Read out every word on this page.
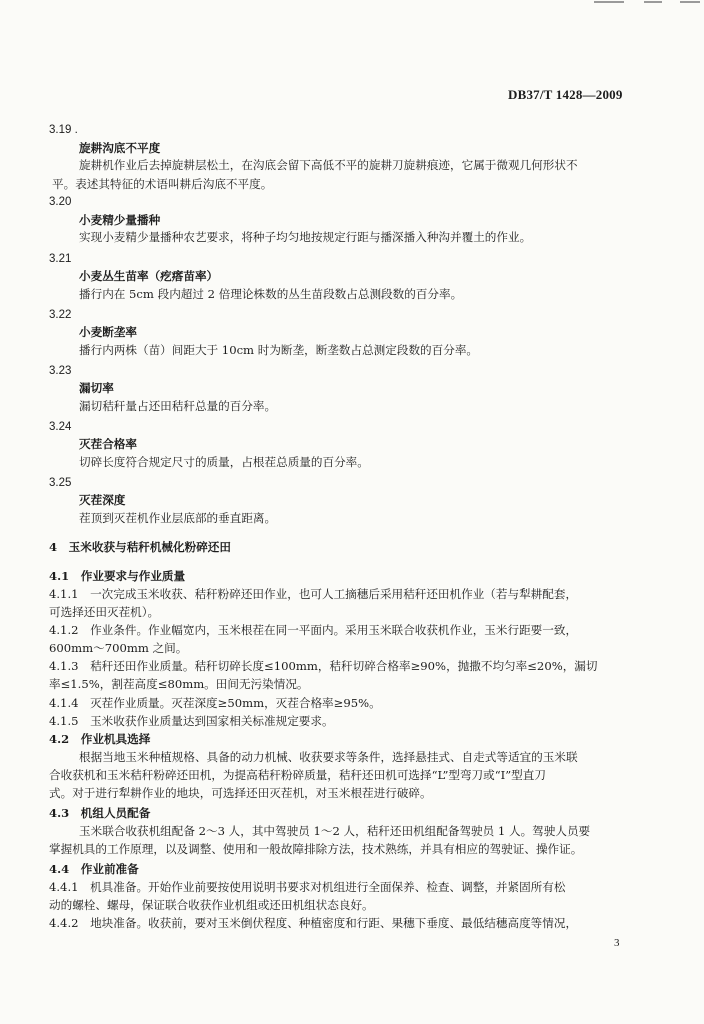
DB37/T 1428—2009
3.19 .
旋耕沟底不平度
旋耕机作业后去掉旋耕层松土，在沟底会留下高低不平的旋耕刀旋耕痕迹，它属于微观几何形状不
平。表述其特征的术语叫耕后沟底不平度。
3.20
小麦精少量播种
实现小麦精少量播种农艺要求，将种子均匀地按规定行距与播深播入种沟并覆土的作业。
3.21
小麦丛生苗率（疙瘩苗率）
播行内在 5cm 段内超过 2 倍理论株数的丛生苗段数占总测段数的百分率。
3.22
小麦断垄率
播行内两株（苗）间距大于 10cm 时为断垄，断垄数占总测定段数的百分率。
3.23
漏切率
漏切秸秆量占还田秸秆总量的百分率。
3.24
灭茬合格率
切碎长度符合规定尺寸的质量，占根茬总质量的百分率。
3.25
灭茬深度
茬顶到灭茬机作业层底部的垂直距离。
4　玉米收获与秸秆机械化粉碎还田
4.1　作业要求与作业质量
4.1.1　一次完成玉米收获、秸秆粉碎还田作业，也可人工摘穗后采用秸秆还田机作业（若与犁耕配套，
可选择还田灭茬机）。
4.1.2　作业条件。作业幅宽内，玉米根茬在同一平面内。采用玉米联合收获机作业，玉米行距要一致，
600mm～700mm 之间。
4.1.3　秸秆还田作业质量。秸秆切碎长度≤100mm，秸秆切碎合格率≥90%，抛撒不均匀率≤20%，漏切
率≤1.5%，割茬高度≤80mm。田间无污染情况。
4.1.4　灭茬作业质量。灭茬深度≥50mm，灭茬合格率≥95%。
4.1.5　玉米收获作业质量达到国家相关标准规定要求。
4.2　作业机具选择
根据当地玉米种植规格、具备的动力机械、收获要求等条件，选择悬挂式、自走式等适宜的玉米联
合收获机和玉米秸秆粉碎还田机，为提高秸秆粉碎质量，秸秆还田机可选择“L”型弯刀或“I”型直刀
式。对于进行犁耕作业的地块，可选择还田灭茬机，对玉米根茬进行破碎。
4.3　机组人员配备
玉米联合收获机组配备 2～3 人，其中驾驶员 1～2 人，秸秆还田机组配备驾驶员 1 人。驾驶人员要
掌握机具的工作原理，以及调整、使用和一般故障排除方法，技术熟练，并具有相应的驾驶证、操作证。
4.4　作业前准备
4.4.1　机具准备。开始作业前要按使用说明书要求对机组进行全面保养、检查、调整，并紧固所有松
动的螺栓、螺母，保证联合收获作业机组或还田机组状态良好。
4.4.2　地块准备。收获前，要对玉米倒伏程度、种植密度和行距、果穗下垂度、最低结穗高度等情况，
3
